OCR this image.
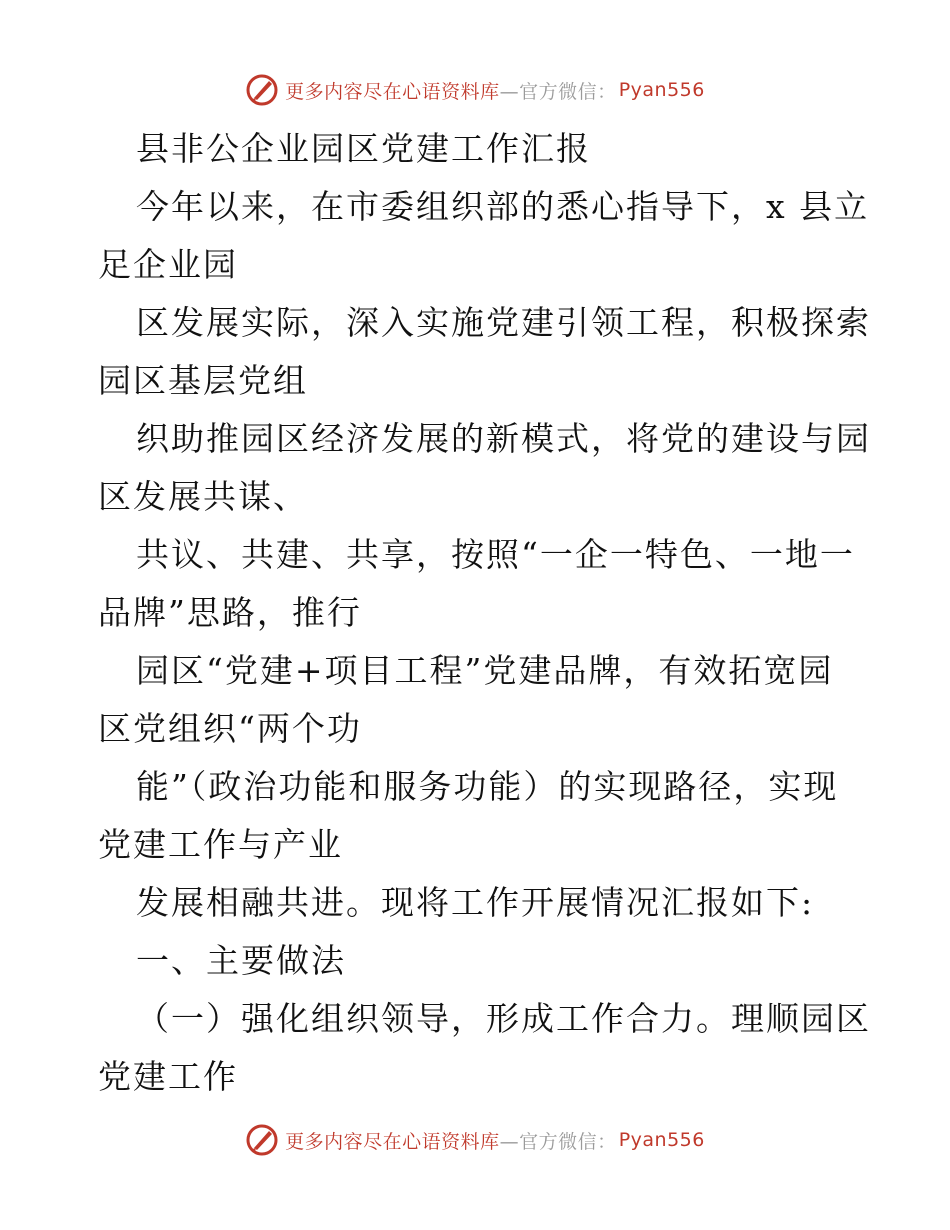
更多内容尽在心语资料库 —官方微信： Pyan556

县非公企业园区党建工作汇报

今年以来，在市委组织部的悉心指导下，x 县立

足企业园

区发展实际，深入实施党建引领工程，积极探索

园区基层党组

织助推园区经济发展的新模式，将党的建设与园

区发展共谋、

共议、共建、共享，按照“一企一特色、一地一

品牌”思路，推行

园区“党建+项目工程”党建品牌，有效拓宽园

区党组织“两个功

能”（政治功能和服务功能）的实现路径，实现

党建工作与产业

发展相融共进。现将工作开展情况汇报如下:

一、主要做法

（一）强化组织领导，形成工作合力。理顺园区

党建工作

更多内容尽在心语资料库 —官方微信： Pyan556
